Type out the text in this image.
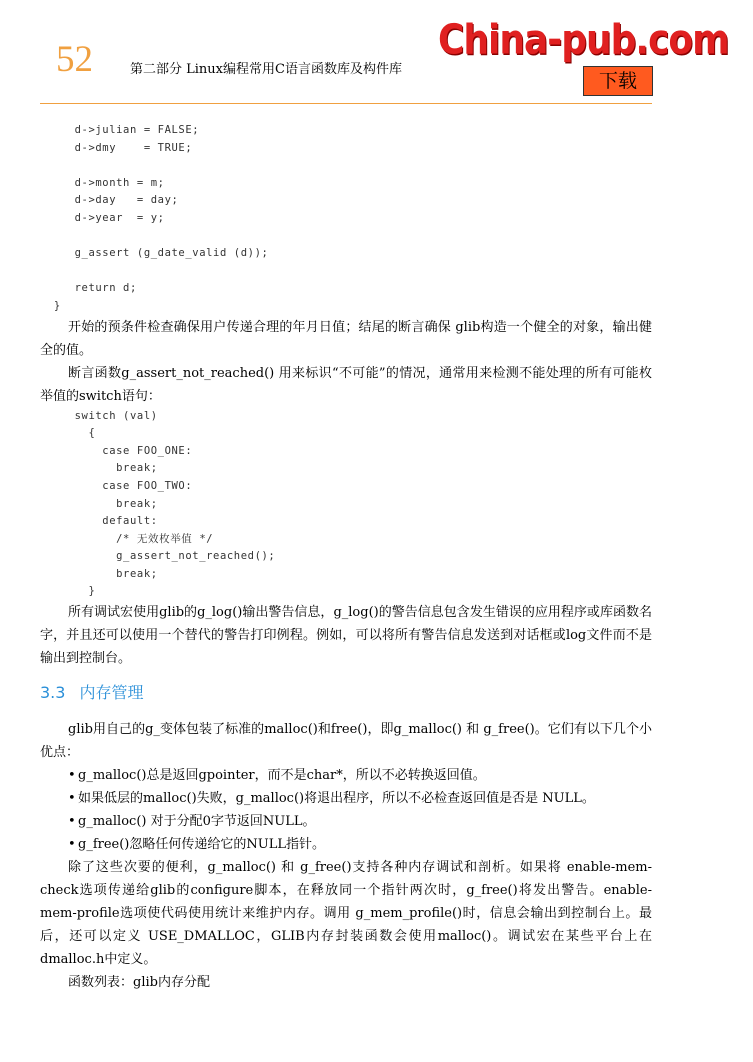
52	第二部分 Linux编程常用C语言函数库及构件库
China-pub.com
下载
d->julian = FALSE;
d->dmy    = TRUE;

d->month = m;
d->day   = day;
d->year  = y;

g_assert (g_date_valid (d));

return d;
}

开始的预条件检查确保用户传递合理的年月日值；结尾的断言确保 glib构造一个健全的对象，输出健全的值。

断言函数g_assert_not_reached() 用来标识“不可能”的情况，通常用来检测不能处理的所有可能枚举值的switch语句：

switch (val)
{
case FOO_ONE:
break;
case FOO_TWO:
break;
default:
/* 无效枚举值 */
g_assert_not_reached();
break;
}

所有调试宏使用glib的g_log()输出警告信息，g_log()的警告信息包含发生错误的应用程序或库函数名字，并且还可以使用一个替代的警告打印例程。例如，可以将所有警告信息发送到对话框或log文件而不是输出到控制台。

3.3 内存管理

glib用自己的g_变体包装了标准的malloc()和free()，即g_malloc() 和 g_free()。它们有以下几个小优点：

• g_malloc()总是返回gpointer，而不是char*，所以不必转换返回值。
• 如果低层的malloc()失败，g_malloc()将退出程序，所以不必检查返回值是否是 NULL。
• g_malloc() 对于分配0字节返回NULL。
• g_free()忽略任何传递给它的NULL指针。

除了这些次要的便利，g_malloc() 和 g_free()支持各种内存调试和剖析。如果将 enable-mem-check选项传递给glib的configure脚本，在释放同一个指针两次时，g_free()将发出警告。enable-mem-profile选项使代码使用统计来维护内存。调用 g_mem_profile()时，信息会输出到控制台上。最后，还可以定义 USE_DMALLOC，GLIB内存封装函数会使用malloc()。调试宏在某些平台上在dmalloc.h中定义。

函数列表：glib内存分配
